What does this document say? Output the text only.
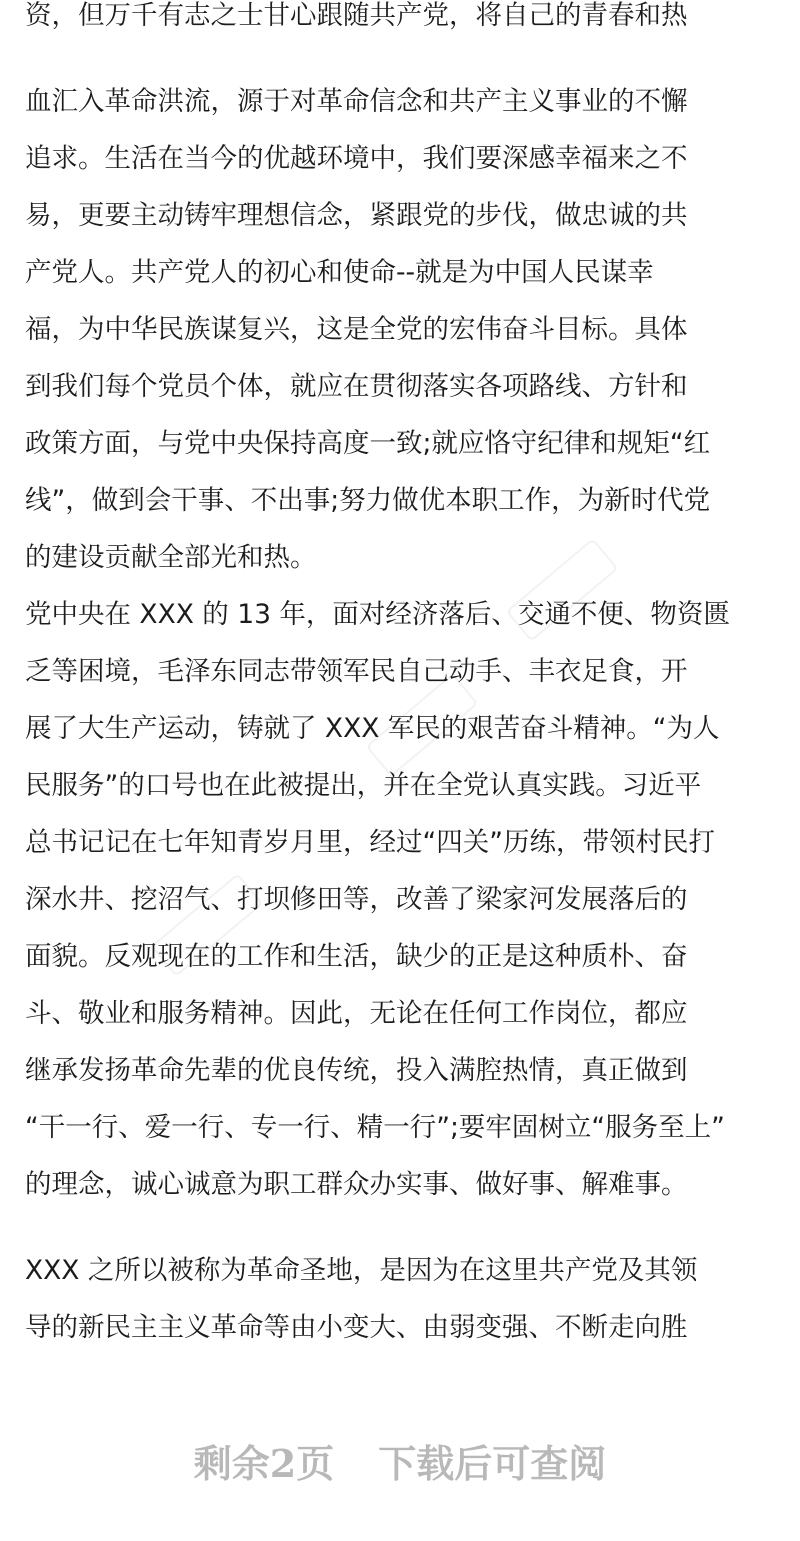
资，但万千有志之士甘心跟随共产党，将自己的青春和热
血汇入革命洪流，源于对革命信念和共产主义事业的不懈
追求。生活在当今的优越环境中，我们要深感幸福来之不
易，更要主动铸牢理想信念，紧跟党的步伐，做忠诚的共
产党人。共产党人的初心和使命--就是为中国人民谋幸
福，为中华民族谋复兴，这是全党的宏伟奋斗目标。具体
到我们每个党员个体，就应在贯彻落实各项路线、方针和
政策方面，与党中央保持高度一致;就应恪守纪律和规矩“红
线”，做到会干事、不出事;努力做优本职工作，为新时代党
的建设贡献全部光和热。
党中央在 XXX 的 13 年，面对经济落后、交通不便、物资匮
乏等困境，毛泽东同志带领军民自己动手、丰衣足食，开
展了大生产运动，铸就了 XXX 军民的艰苦奋斗精神。“为人
民服务”的口号也在此被提出，并在全党认真实践。习近平
总书记记在七年知青岁月里，经过“四关”历练，带领村民打
深水井、挖沼气、打坝修田等，改善了梁家河发展落后的
面貌。反观现在的工作和生活，缺少的正是这种质朴、奋
斗、敬业和服务精神。因此，无论在任何工作岗位，都应
继承发扬革命先辈的优良传统，投入满腔热情，真正做到
“干一行、爱一行、专一行、精一行”;要牢固树立“服务至上”
的理念，诚心诚意为职工群众办实事、做好事、解难事。
XXX 之所以被称为革命圣地，是因为在这里共产党及其领
导的新民主主义革命等由小变大、由弱变强、不断走向胜
剩余2页 下载后可查阅
